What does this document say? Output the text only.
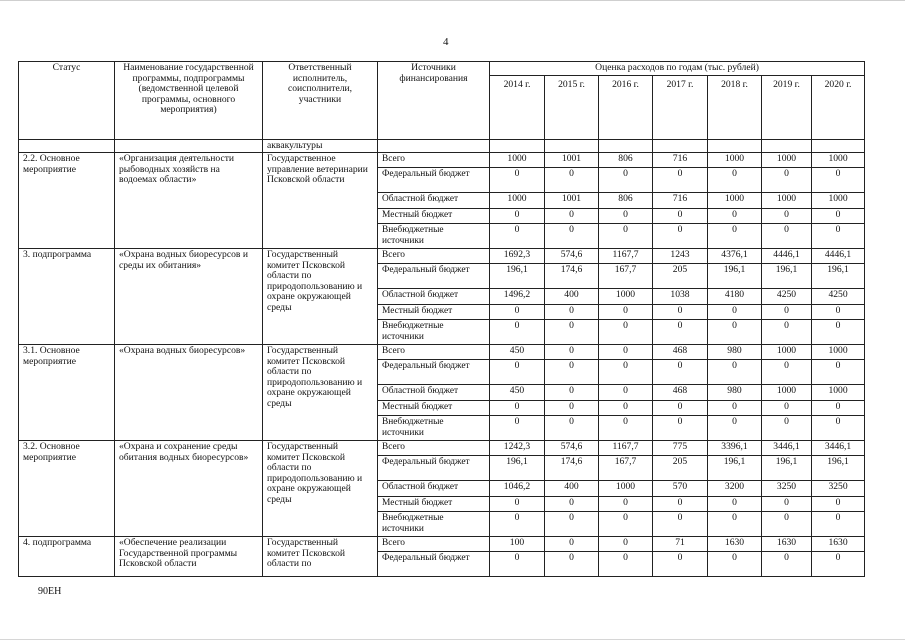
4
Статус	Наименование государственной программы, подпрограммы (ведомственной целевой программы, основного мероприятия)	Ответственный исполнитель, соисполнители, участники	Источники финансирования	Оценка расходов по годам (тыс. рублей)						
				2014 г.	2015 г.	2016 г.	2017 г.	2018 г.	2019 г.	2020 г.
		аквакультуры								
2.2. Основное мероприятие	«Организация деятельности рыбоводных хозяйств на водоемах области»	Государственное управление ветеринарии Псковской области	Всего	1000	1001	806	716	1000	1000	1000
			Федеральный бюджет	0	0	0	0	0	0	0
			Областной бюджет	1000	1001	806	716	1000	1000	1000
			Местный бюджет	0	0	0	0	0	0	0
			Внебюджетные источники	0	0	0	0	0	0	0
3. подпрограмма	«Охрана водных биоресурсов и среды их обитания»	Государственный комитет Псковской области по природопользованию и охране окружающей среды	Всего	1692,3	574,6	1167,7	1243	4376,1	4446,1	4446,1
			Федеральный бюджет	196,1	174,6	167,7	205	196,1	196,1	196,1
			Областной бюджет	1496,2	400	1000	1038	4180	4250	4250
			Местный бюджет	0	0	0	0	0	0	0
			Внебюджетные источники	0	0	0	0	0	0	0
3.1. Основное мероприятие	«Охрана водных биоресурсов»	Государственный комитет Псковской области по природопользованию и охране окружающей среды	Всего	450	0	0	468	980	1000	1000
			Федеральный бюджет	0	0	0	0	0	0	0
			Областной бюджет	450	0	0	468	980	1000	1000
			Местный бюджет	0	0	0	0	0	0	0
			Внебюджетные источники	0	0	0	0	0	0	0
3.2. Основное мероприятие	«Охрана и сохранение среды обитания водных биоресурсов»	Государственный комитет Псковской области по природопользованию и охране окружающей среды	Всего	1242,3	574,6	1167,7	775	3396,1	3446,1	3446,1
			Федеральный бюджет	196,1	174,6	167,7	205	196,1	196,1	196,1
			Областной бюджет	1046,2	400	1000	570	3200	3250	3250
			Местный бюджет	0	0	0	0	0	0	0
			Внебюджетные источники	0	0	0	0	0	0	0
4. подпрограмма	«Обеспечение реализации Государственной программы Псковской области	Государственный комитет Псковской области по	Всего	100	0	0	71	1630	1630	1630
			Федеральный бюджет	0	0	0	0	0	0	0
90ЕН
